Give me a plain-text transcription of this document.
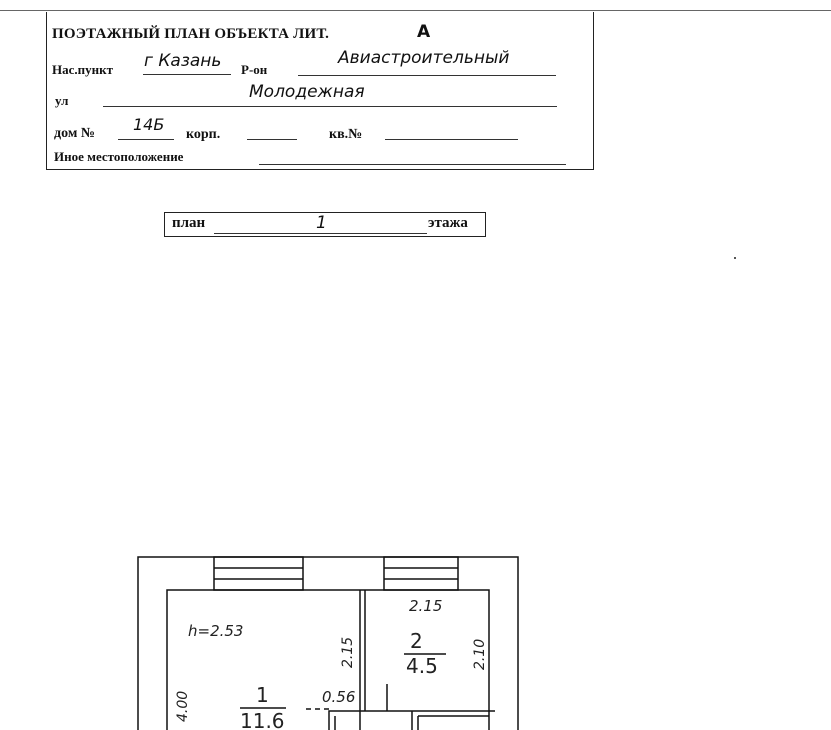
ПОЭТАЖНЫЙ ПЛАН ОБЪЕКТА ЛИТ.	А
Нас.пункт г Казань Р-он
Авиастроительный
ул	Молодежная
дом № 14Б
корп.	кв.№
Иное местоположение
план	1	этажа
h=2.53
2.15
2
4.5
1
11.6
0.56
2.15	2.10
4.00
